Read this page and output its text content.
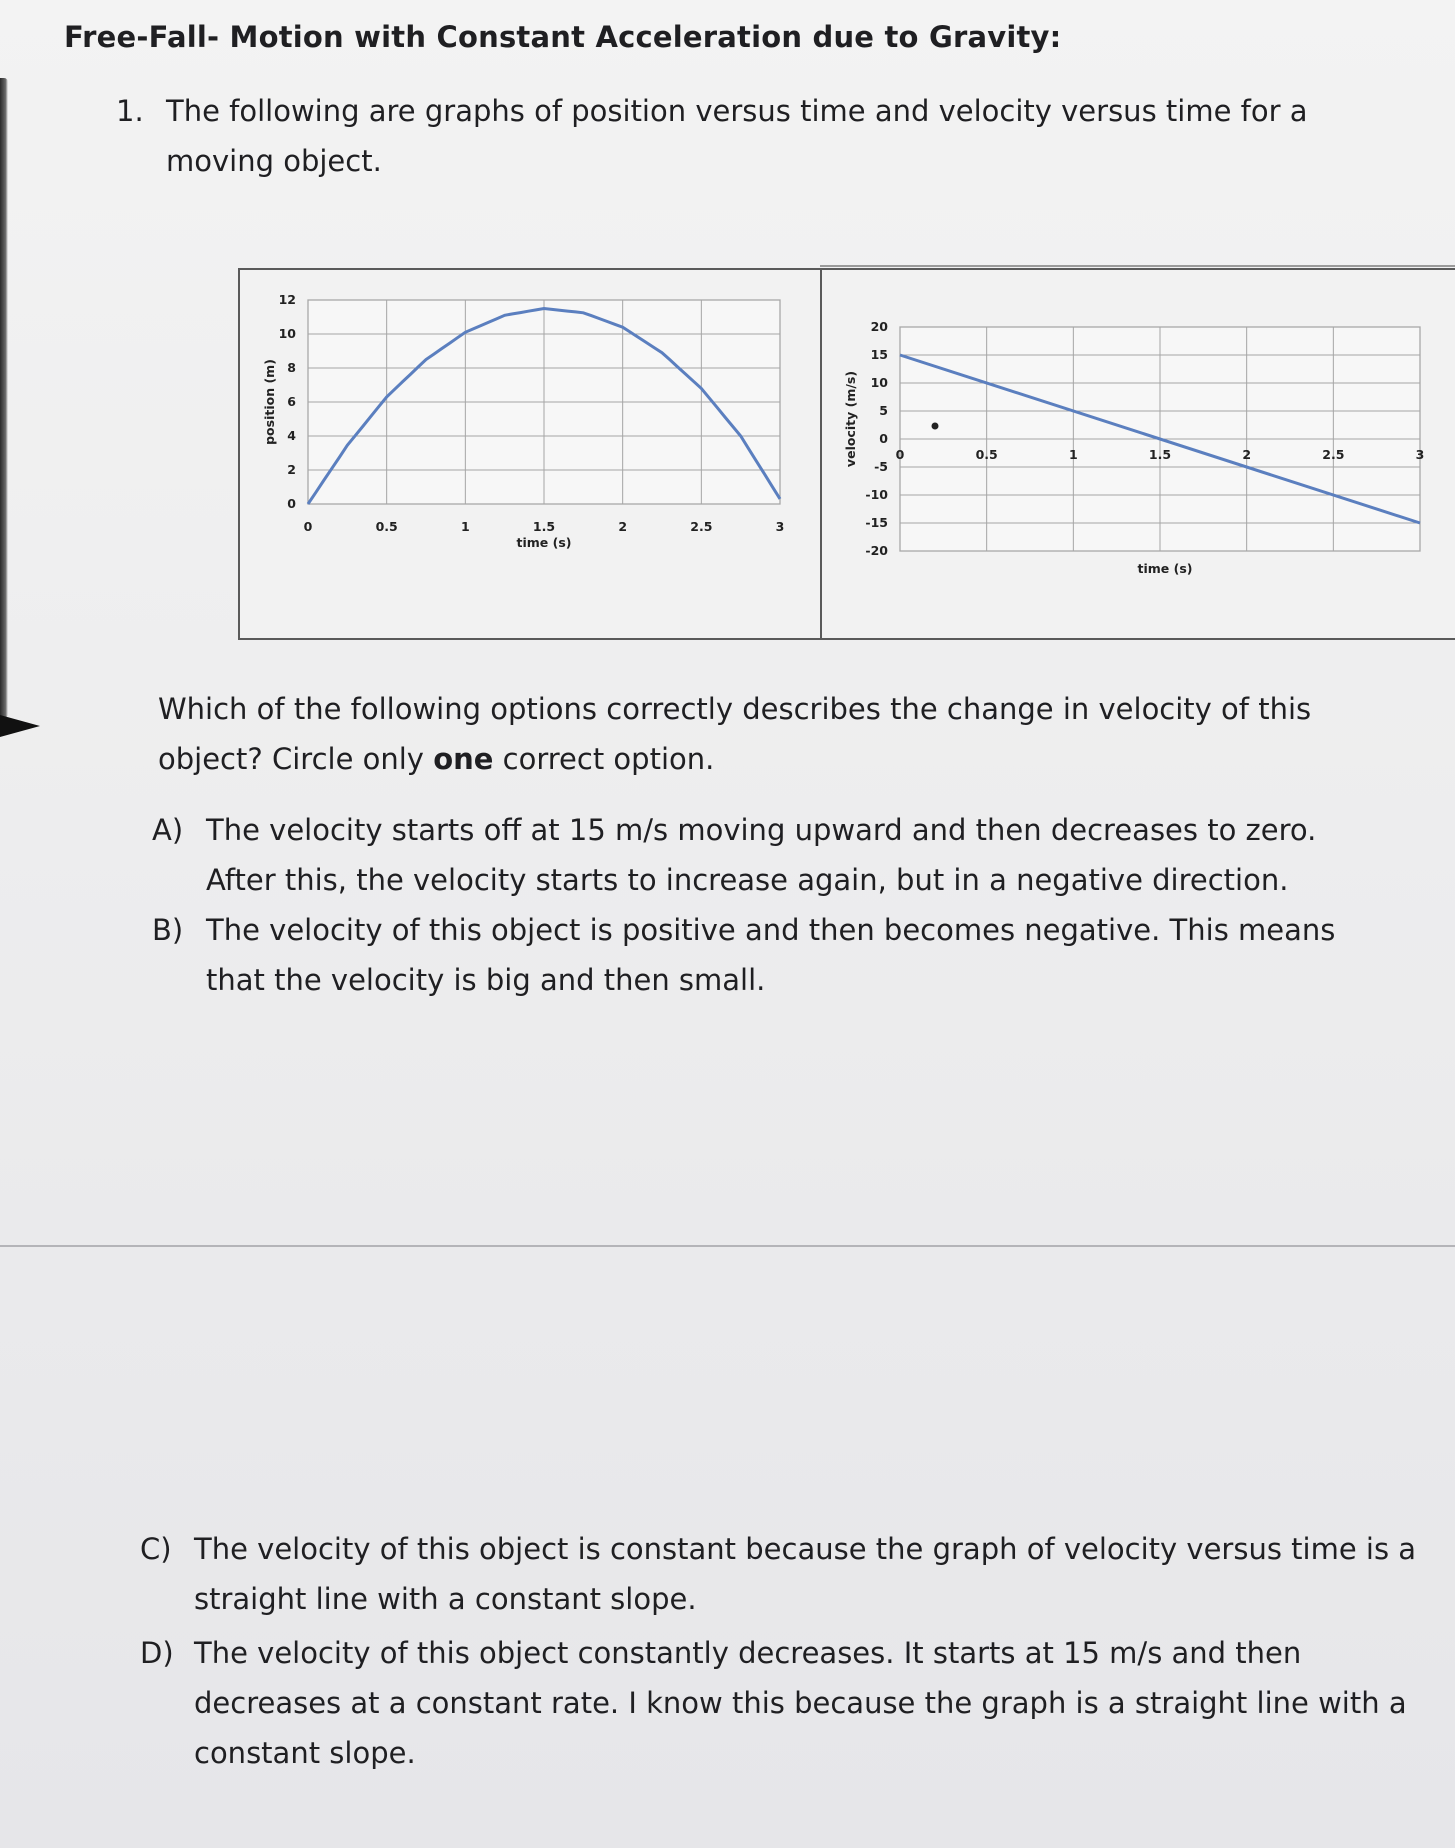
Free-Fall- Motion with Constant Acceleration due to Gravity:
1. The following are graphs of position versus time and velocity versus time for a moving object.
0	0.5	1	1.5	2	2.5	3
0
2
4
6
8
10
12
time (s)
position (m)
0	0.5	1	1.5	2	2.5	3
20
15
10
5
0
-5
-10
-15
-20
time (s)
velocity (m/s)
Which of the following options correctly describes the change in velocity of this object? Circle only one correct option.
A) The velocity starts off at 15 m/s moving upward and then decreases to zero. After this, the velocity starts to increase again, but in a negative direction.
B) The velocity of this object is positive and then becomes negative. This means that the velocity is big and then small.
C) The velocity of this object is constant because the graph of velocity versus time is a straight line with a constant slope.
D) The velocity of this object constantly decreases. It starts at 15 m/s and then decreases at a constant rate. I know this because the graph is a straight line with a constant slope.
